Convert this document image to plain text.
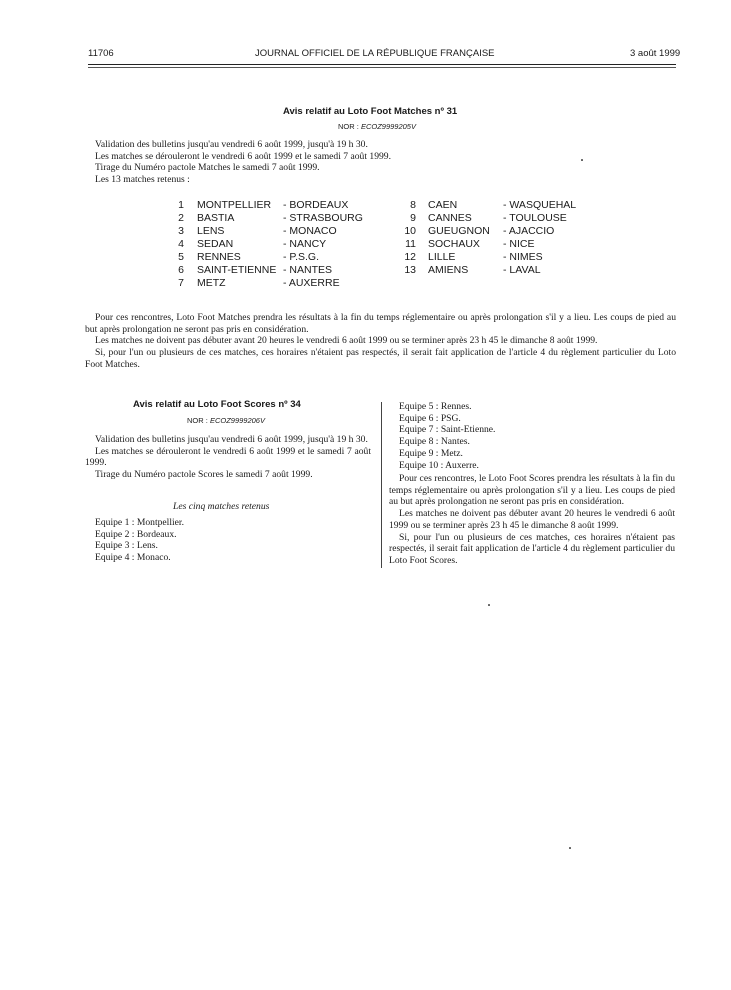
11706	JOURNAL OFFICIEL DE LA RÉPUBLIQUE FRANÇAISE	3 août 1999
Avis relatif au Loto Foot Matches nº 31
NOR : ECOZ9999205V
Validation des bulletins jusqu'au vendredi 6 août 1999, jusqu'à 19 h 30.
Les matches se dérouleront le vendredi 6 août 1999 et le samedi 7 août 1999.
Tirage du Numéro pactole Matches le samedi 7 août 1999.
Les 13 matches retenus :
1 MONTPELLIER - BORDEAUX
2 BASTIA	- STRASBOURG
3 LENS	- MONACO
4 SEDAN	- NANCY
5 RENNES	- P.S.G.
6 SAINT-ETIENNE - NANTES
7 METZ	- AUXERRE
8 CAEN	- WASQUEHAL
9 CANNES	- TOULOUSE
10 GUEUGNON - AJACCIO
11 SOCHAUX - NICE
12 LILLE	- NIMES
13 AMIENS	- LAVAL
Pour ces rencontres, Loto Foot Matches prendra les résultats à la fin du temps réglementaire ou après prolongation s'il y a lieu. Les coups de pied au but après prolongation ne seront pas pris en considération.
Les matches ne doivent pas débuter avant 20 heures le vendredi 6 août 1999 ou se terminer après 23 h 45 le dimanche 8 août 1999.
Si, pour l'un ou plusieurs de ces matches, ces horaires n'étaient pas respectés, il serait fait application de l'article 4 du règlement particulier du Loto Foot Matches.
Avis relatif au Loto Foot Scores nº 34
NOR : ECOZ9999206V
Validation des bulletins jusqu'au vendredi 6 août 1999, jusqu'à 19 h 30.
Les matches se dérouleront le vendredi 6 août 1999 et le samedi 7 août 1999.
Tirage du Numéro pactole Scores le samedi 7 août 1999.
Les cinq matches retenus
Equipe 1 : Montpellier.
Equipe 2 : Bordeaux.
Equipe 3 : Lens.
Equipe 4 : Monaco.
Equipe 5 : Rennes.
Equipe 6 : PSG.
Equipe 7 : Saint-Etienne.
Equipe 8 : Nantes.
Equipe 9 : Metz.
Equipe 10 : Auxerre.
Pour ces rencontres, le Loto Foot Scores prendra les résultats à la fin du temps réglementaire ou après prolongation s'il y a lieu. Les coups de pied au but après prolongation ne seront pas pris en considération.
Les matches ne doivent pas débuter avant 20 heures le vendredi 6 août 1999 ou se terminer après 23 h 45 le dimanche 8 août 1999.
Si, pour l'un ou plusieurs de ces matches, ces horaires n'étaient pas respectés, il serait fait application de l'article 4 du règlement particulier du Loto Foot Scores.
